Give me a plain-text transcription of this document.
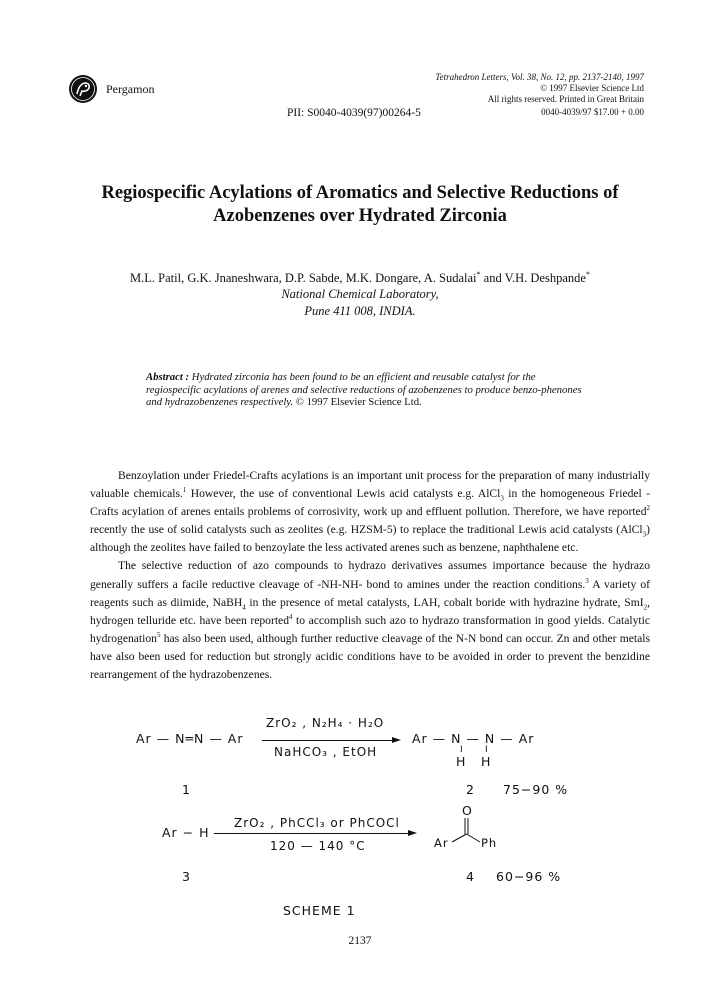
Pergamon
Tetrahedron Letters, Vol. 38, No. 12, pp. 2137-2140, 1997
© 1997 Elsevier Science Ltd
All rights reserved. Printed in Great Britain
PII: S0040-4039(97)00264-5	0040-4039/97 $17.00 + 0.00
Regiospecific Acylations of Aromatics and Selective Reductions of
Azobenzenes over Hydrated Zirconia
M.L. Patil, G.K. Jnaneshwara, D.P. Sabde, M.K. Dongare, A. Sudalai* and V.H. Deshpande*
National Chemical Laboratory,
Pune 411 008, INDIA.
Abstract : Hydrated zirconia has been found to be an efficient and reusable catalyst for the regiospecific acylations of arenes and selective reductions of azobenzenes to produce benzo-phenones and hydrazobenzenes respectively. © 1997 Elsevier Science Ltd.

Benzoylation under Friedel-Crafts acylations is an important unit process for the preparation of many industrially valuable chemicals.$^1$ However, the use of conventional Lewis acid catalysts e.g. AlCl$_3$ in the homogeneous Friedel - Crafts acylation of arenes entails problems of corrosivity, work up and effluent pollution. Therefore, we have reported$^2$ recently the use of solid catalysts such as zeolites (e.g. HZSM-5) to replace the traditional Lewis acid catalysts (AlCl$_3$) although the zeolites have failed to benzoylate the less activated arenes such as benzene, naphthalene etc.

The selective reduction of azo compounds to hydrazo derivatives assumes importance because the hydrazo generally suffers a facile reductive cleavage of -NH-NH- bond to amines under the reaction conditions.$^3$ A variety of reagents such as diimide, NaBH$_4$ in the presence of metal catalysts, LAH, cobalt boride with hydrazine hydrate, SmI$_2$, hydrogen telluride etc. have been reported$^4$ to accomplish such azo to hydrazo transformation in good yields. Catalytic hydrogenation$^5$ has also been used, although further reductive cleavage of the N-N bond can occur. Zn and other metals have also been used for reduction but strongly acidic conditions have to be avoided in order to prevent the benzidine rearrangement of the hydrazobenzenes.

Ar — N═N — Ar
ZrO₂ , N₂H₄ · H₂O
NaHCO₃ , EtOH
Ar — N — N — Ar
I I
H H
1	2 75−90 %
Ar − H
ZrO₂ , PhCCl₃ or PhCOCl
120 — 140 °C
O
Ar	Ph
3	4 60−96 %
SCHEME 1
2137
